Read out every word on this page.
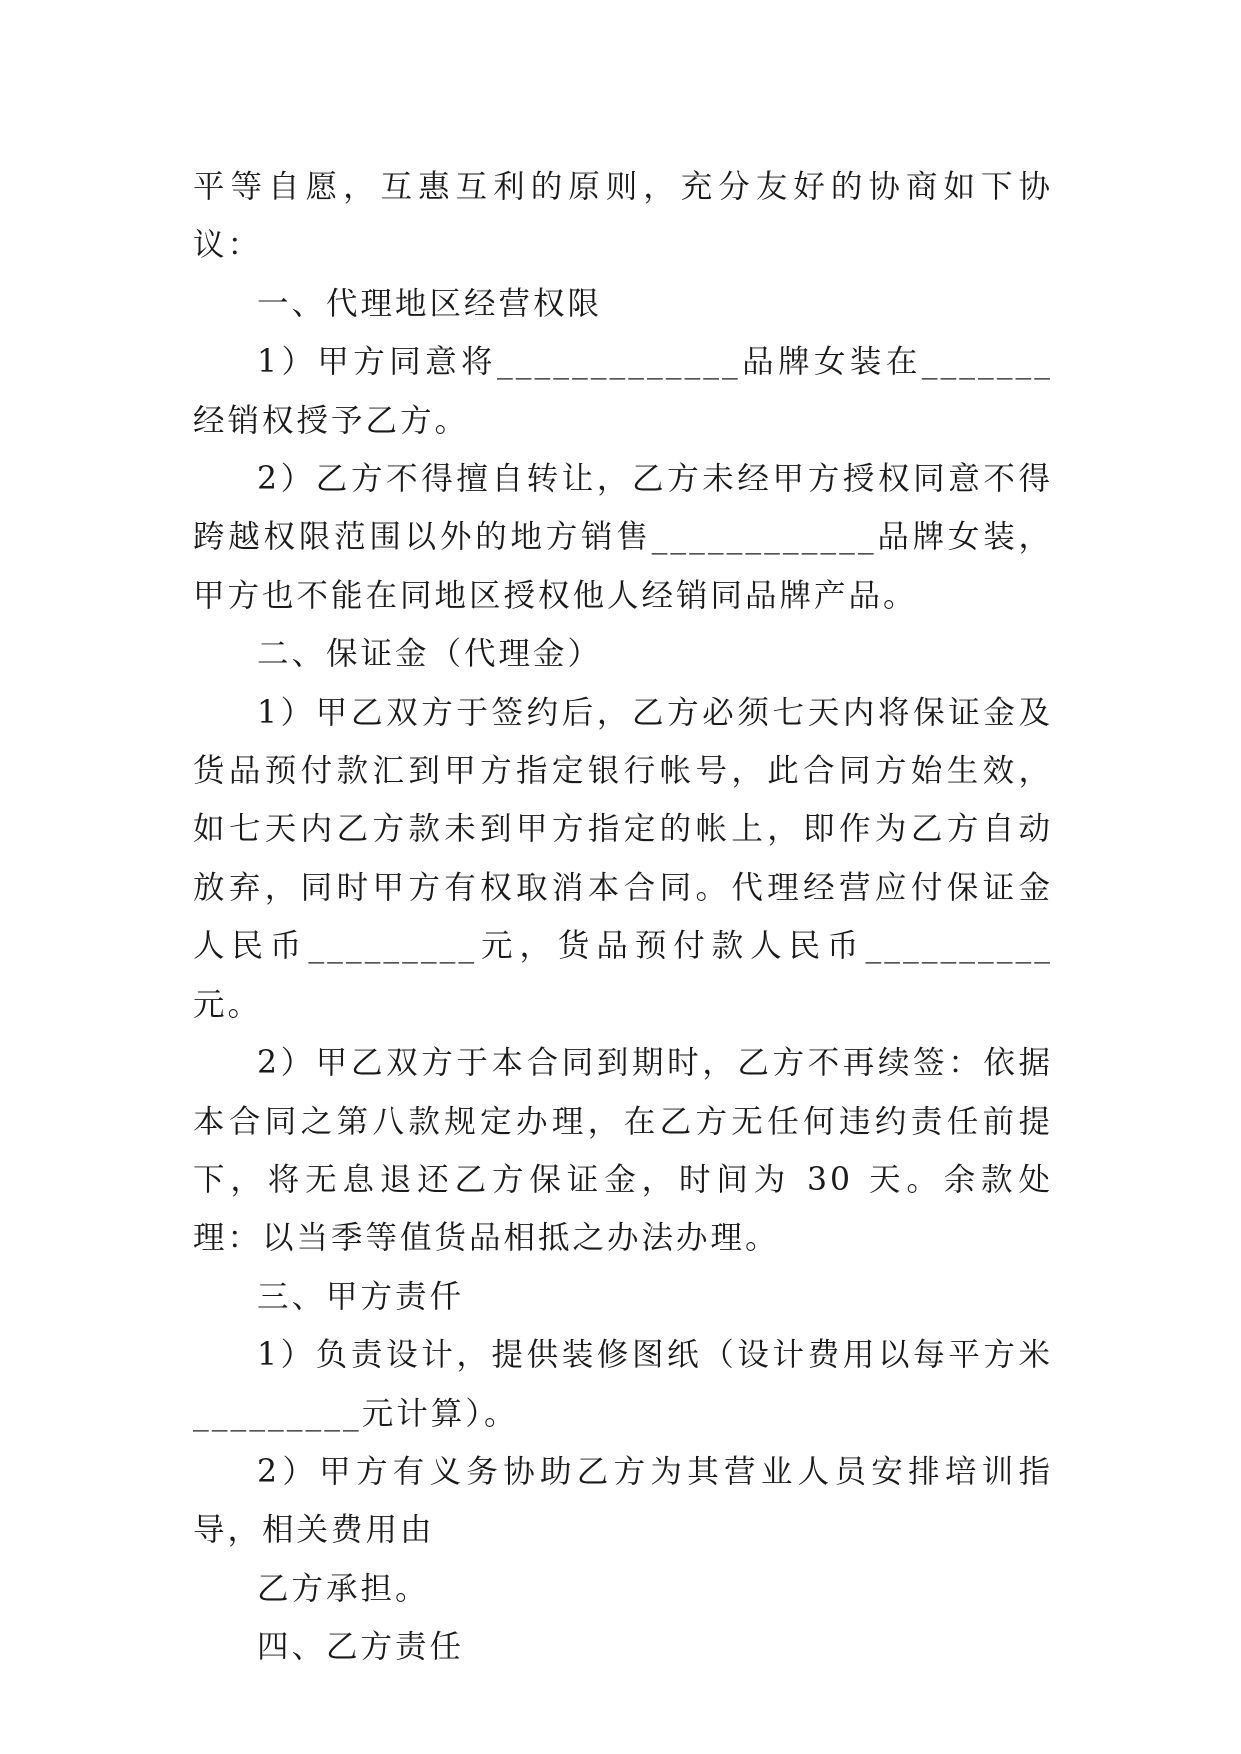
平等自愿，互惠互利的原则，充分友好的协商如下协议：

一、代理地区经营权限

1）甲方同意将_____________品牌女装在_______经销权授予乙方。

2）乙方不得擅自转让，乙方未经甲方授权同意不得跨越权限范围以外的地方销售____________品牌女装，甲方也不能在同地区授权他人经销同品牌产品。

二、保证金（代理金）

1）甲乙双方于签约后，乙方必须七天内将保证金及货品预付款汇到甲方指定银行帐号，此合同方始生效，如七天内乙方款未到甲方指定的帐上，即作为乙方自动放弃，同时甲方有权取消本合同。代理经营应付保证金人民币_________元，货品预付款人民币__________元。

2）甲乙双方于本合同到期时，乙方不再续签：依据本合同之第八款规定办理，在乙方无任何违约责任前提下，将无息退还乙方保证金，时间为 30 天。余款处理：以当季等值货品相抵之办法办理。

三、甲方责仟

1）负责设计，提供装修图纸（设计费用以每平方米_________元计算）。

2）甲方有义务协助乙方为其营业人员安排培训指导，相关费用由

乙方承担。

四、乙方责任
